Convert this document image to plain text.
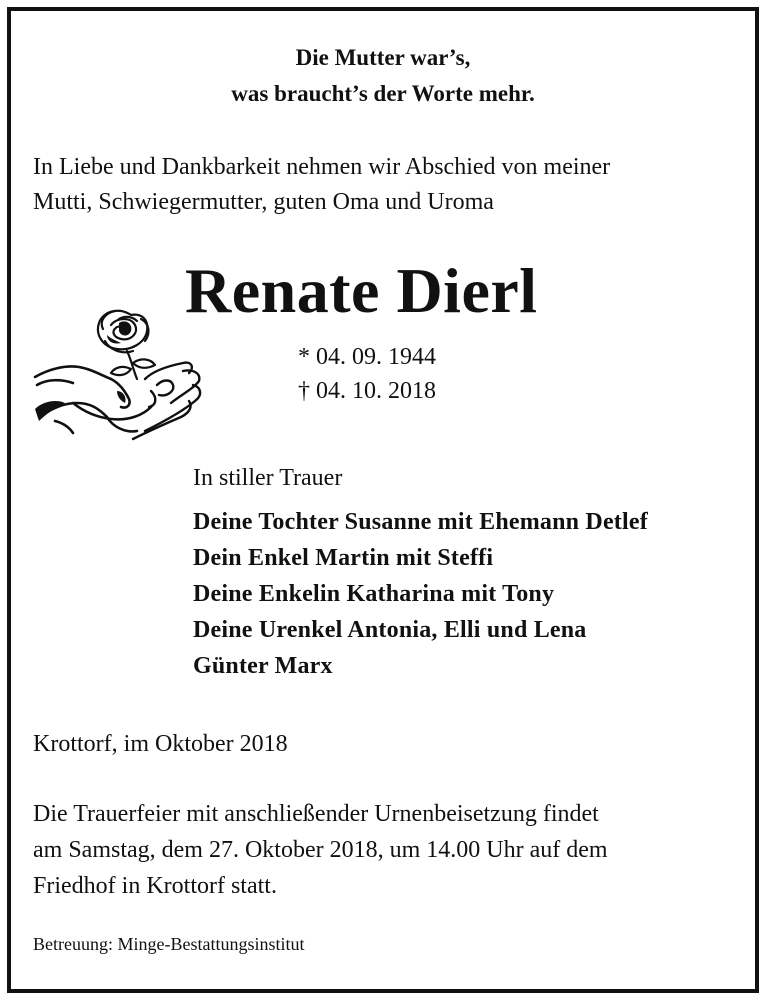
Die Mutter war’s,
was braucht’s der Worte mehr.
In Liebe und Dankbarkeit nehmen wir Abschied von meiner
Mutti, Schwiegermutter, guten Oma und Uroma
Renate Dierl
* 04. 09. 1944
† 04. 10. 2018
In stiller Trauer
Deine Tochter Susanne mit Ehemann Detlef
Dein Enkel Martin mit Steffi
Deine Enkelin Katharina mit Tony
Deine Urenkel Antonia, Elli und Lena
Günter Marx
Krottorf, im Oktober 2018
Die Trauerfeier mit anschließender Urnenbeisetzung findet
am Samstag, dem 27. Oktober 2018, um 14.00 Uhr auf dem
Friedhof in Krottorf statt.
Betreuung: Minge-Bestattungsinstitut
